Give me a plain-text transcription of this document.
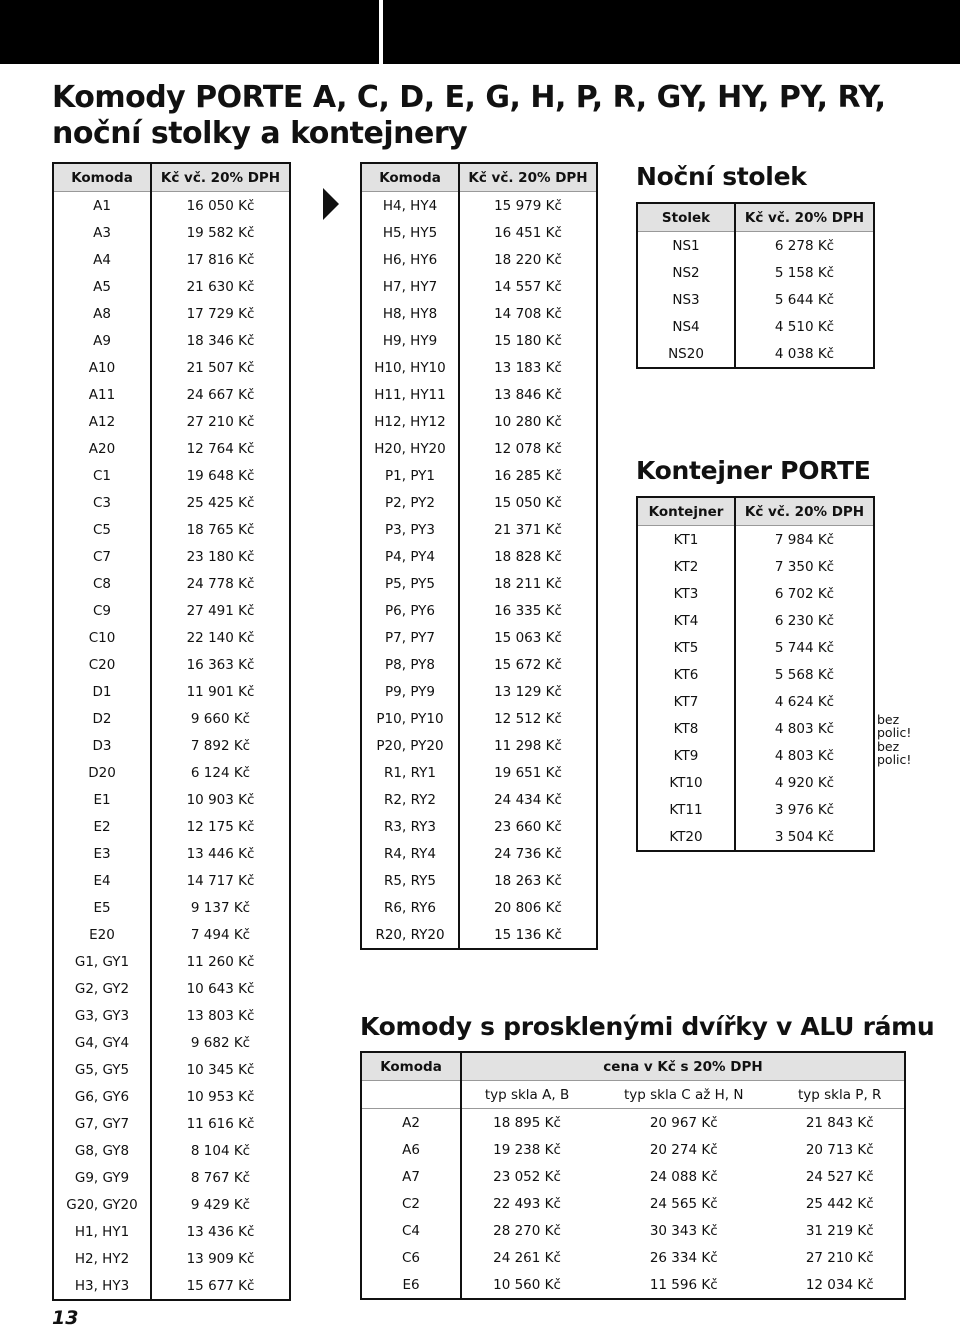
Komody PORTE A, C, D, E, G, H, P, R, GY, HY, PY, RY,
noční stolky a kontejnery
Komoda	Kč vč. 20% DPH
A1	16 050 Kč
A3	19 582 Kč
A4	17 816 Kč
A5	21 630 Kč
A8	17 729 Kč
A9	18 346 Kč
A10	21 507 Kč
A11	24 667 Kč
A12	27 210 Kč
A20	12 764 Kč
C1	19 648 Kč
C3	25 425 Kč
C5	18 765 Kč
C7	23 180 Kč
C8	24 778 Kč
C9	27 491 Kč
C10	22 140 Kč
C20	16 363 Kč
D1	11 901 Kč
D2	9 660 Kč
D3	7 892 Kč
D20	6 124 Kč
E1	10 903 Kč
E2	12 175 Kč
E3	13 446 Kč
E4	14 717 Kč
E5	9 137 Kč
E20	7 494 Kč
G1, GY1	11 260 Kč
G2, GY2	10 643 Kč
G3, GY3	13 803 Kč
G4, GY4	9 682 Kč
G5, GY5	10 345 Kč
G6, GY6	10 953 Kč
G7, GY7	11 616 Kč
G8, GY8	8 104 Kč
G9, GY9	8 767 Kč
G20, GY20	9 429 Kč
H1, HY1	13 436 Kč
H2, HY2	13 909 Kč
H3, HY3	15 677 Kč
Komoda	Kč vč. 20% DPH
H4, HY4	15 979 Kč
H5, HY5	16 451 Kč
H6, HY6	18 220 Kč
H7, HY7	14 557 Kč
H8, HY8	14 708 Kč
H9, HY9	15 180 Kč
H10, HY10	13 183 Kč
H11, HY11	13 846 Kč
H12, HY12	10 280 Kč
H20, HY20	12 078 Kč
P1, PY1	16 285 Kč
P2, PY2	15 050 Kč
P3, PY3	21 371 Kč
P4, PY4	18 828 Kč
P5, PY5	18 211 Kč
P6, PY6	16 335 Kč
P7, PY7	15 063 Kč
P8, PY8	15 672 Kč
P9, PY9	13 129 Kč
P10, PY10	12 512 Kč
P20, PY20	11 298 Kč
R1, RY1	19 651 Kč
R2, RY2	24 434 Kč
R3, RY3	23 660 Kč
R4, RY4	24 736 Kč
R5, RY5	18 263 Kč
R6, RY6	20 806 Kč
R20, RY20	15 136 Kč
Noční stolek
Stolek	Kč vč. 20% DPH
NS1	6 278 Kč
NS2	5 158 Kč
NS3	5 644 Kč
NS4	4 510 Kč
NS20	4 038 Kč
Kontejner PORTE
Kontejner	Kč vč. 20% DPH
KT1	7 984 Kč
KT2	7 350 Kč
KT3	6 702 Kč
KT4	6 230 Kč
KT5	5 744 Kč
KT6	5 568 Kč
KT7	4 624 Kč
KT8	4 803 Kč
KT9	4 803 Kč
KT10	4 920 Kč
KT11	3 976 Kč
KT20	3 504 Kč
bez
polic!
bez
polic!
Komody s prosklenými dvířky v ALU rámu
Komoda	cena v Kč s 20% DPH		
	typ skla A, B	typ skla C až H, N	typ skla P, R
A2	18 895 Kč	20 967 Kč	21 843 Kč
A6	19 238 Kč	20 274 Kč	20 713 Kč
A7	23 052 Kč	24 088 Kč	24 527 Kč
C2	22 493 Kč	24 565 Kč	25 442 Kč
C4	28 270 Kč	30 343 Kč	31 219 Kč
C6	24 261 Kč	26 334 Kč	27 210 Kč
E6	10 560 Kč	11 596 Kč	12 034 Kč
13
